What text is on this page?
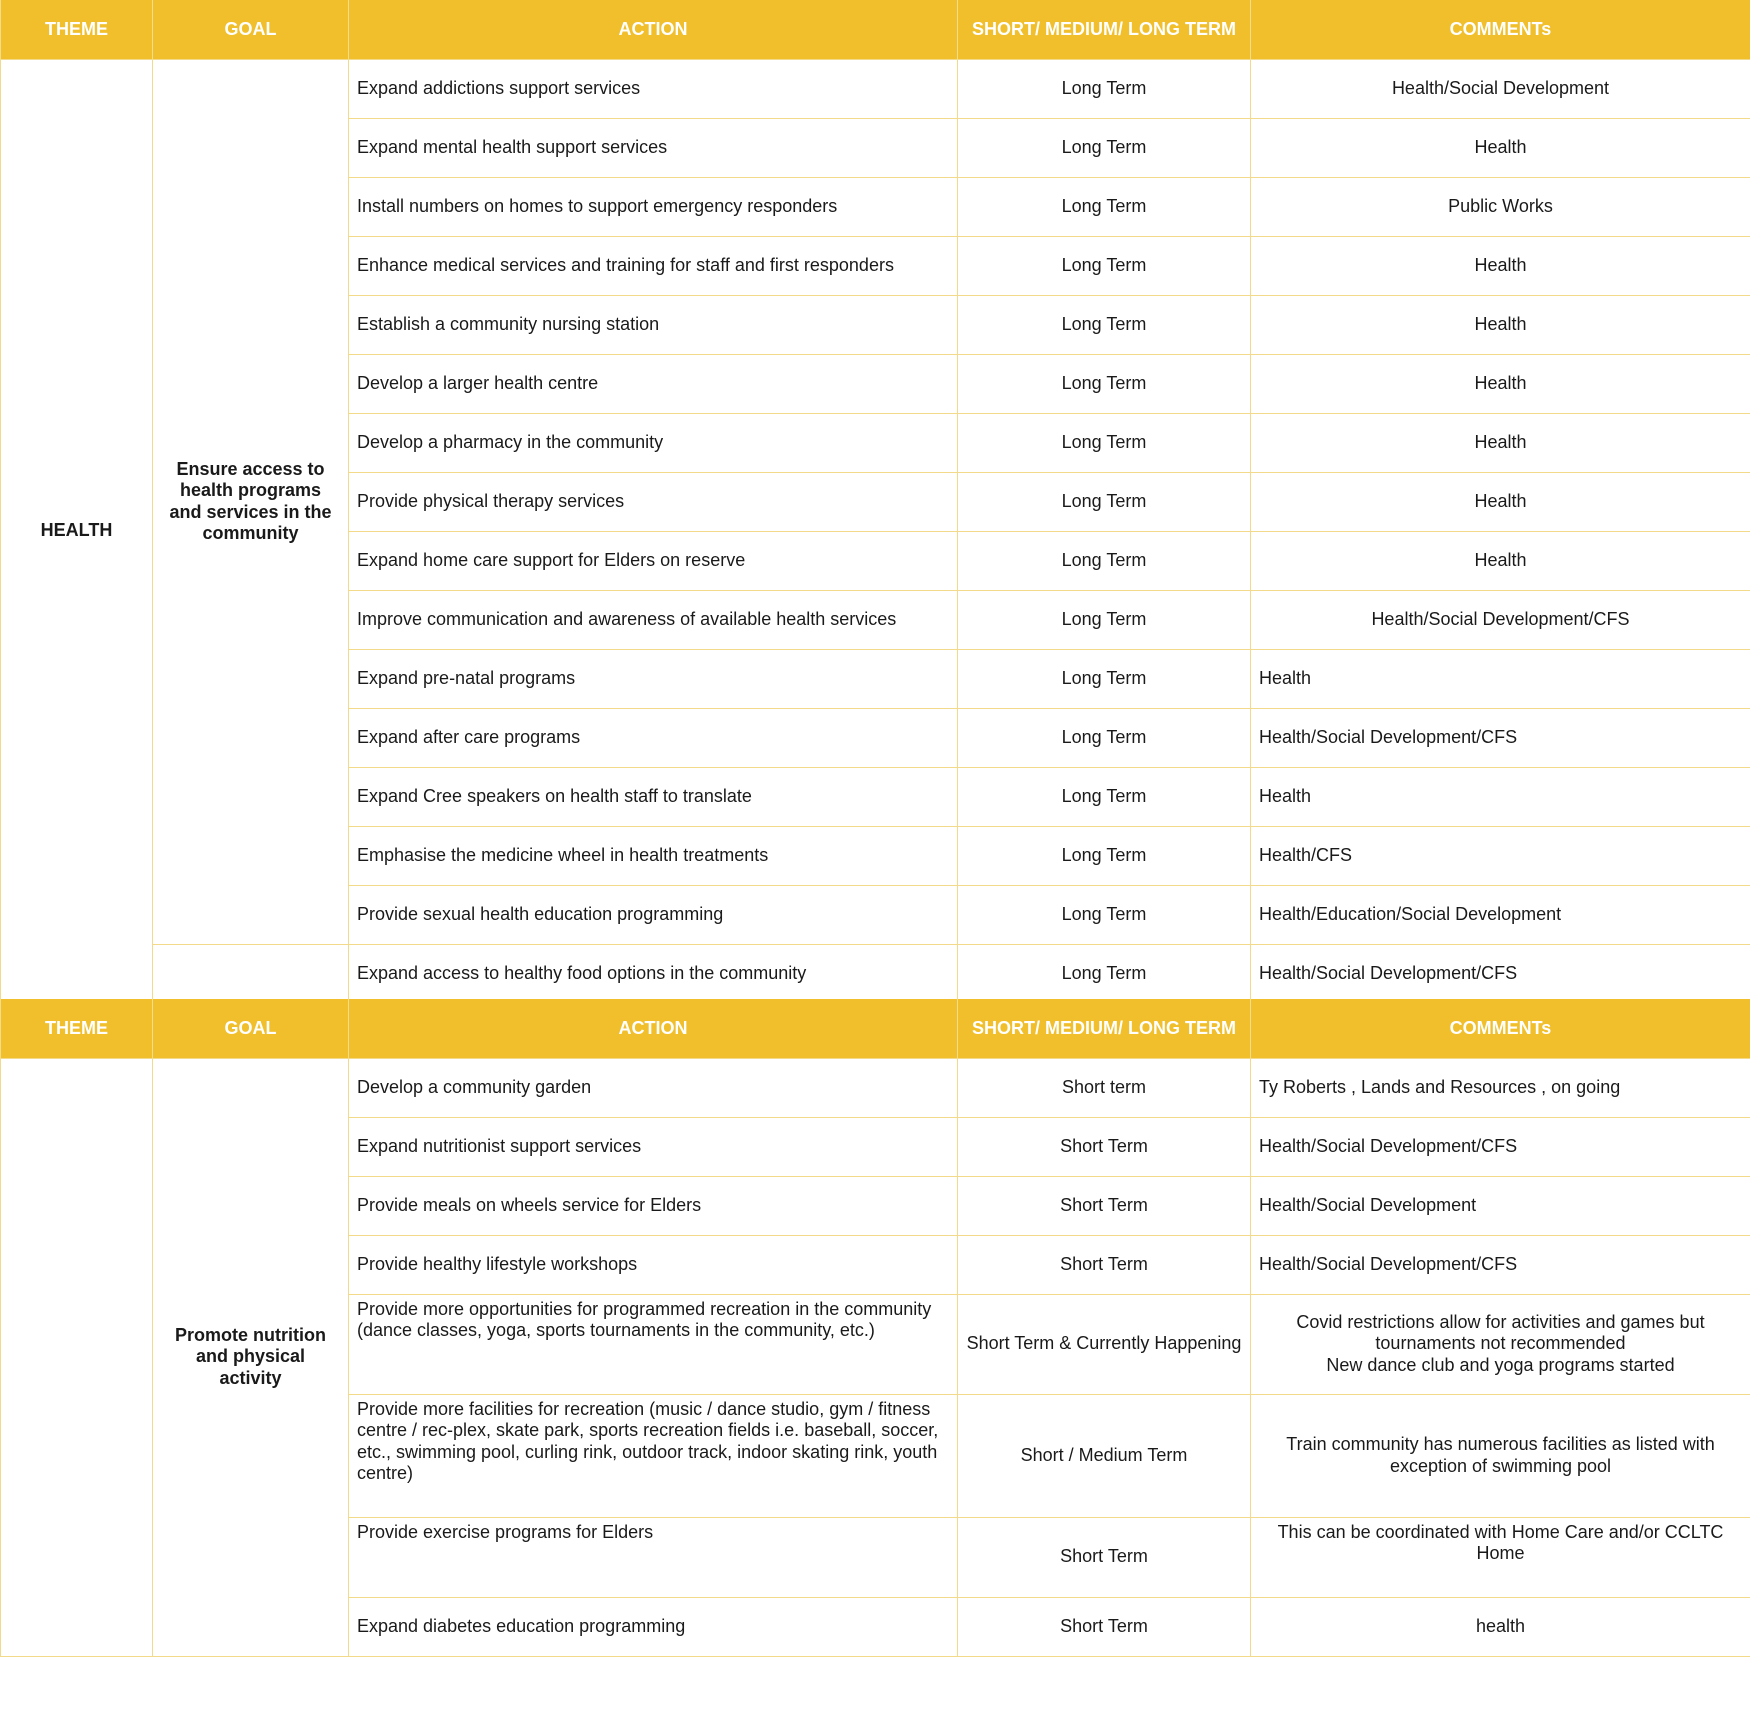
THEME	GOAL	ACTION	SHORT/ MEDIUM/ LONG TERM	COMMENTs
HEALTH	Ensure access to health programs and services in the community	Expand addictions support services	Long Term	Health/Social Development
		Expand mental health support services	Long Term	Health
		Install numbers on homes to support emergency responders	Long Term	Public Works
		Enhance medical services and training for staff and first responders	Long Term	Health
		Establish a community nursing station	Long Term	Health
		Develop a larger health centre	Long Term	Health
		Develop a pharmacy in the community	Long Term	Health
		Provide physical therapy services	Long Term	Health
		Expand home care support for Elders on reserve	Long Term	Health
		Improve communication and awareness of available health services	Long Term	Health/Social Development/CFS
		Expand pre-natal programs	Long Term	Health
		Expand after care programs	Long Term	Health/Social Development/CFS
		Expand Cree speakers on health staff to translate	Long Term	Health
		Emphasise the medicine wheel in health treatments	Long Term	Health/CFS
		Provide sexual health education programming	Long Term	Health/Education/Social Development
		Expand access to healthy food options in the community	Long Term	Health/Social Development/CFS
THEME	GOAL	ACTION	SHORT/ MEDIUM/ LONG TERM	COMMENTs
	Promote nutrition and physical activity	Develop a community garden	Short term	Ty Roberts , Lands and Resources , on going
		Expand nutritionist support services	Short Term	Health/Social Development/CFS
		Provide meals on wheels service for Elders	Short Term	Health/Social Development
		Provide healthy lifestyle workshops	Short Term	Health/Social Development/CFS
		Provide more opportunities for programmed recreation in the community (dance classes, yoga, sports tournaments in the community, etc.)	Short Term & Currently Happening	Covid restrictions allow for activities and games but tournaments not recommended
New dance club and yoga programs started
		Provide more facilities for recreation (music / dance studio, gym / fitness centre / rec-plex, skate park, sports recreation fields i.e. baseball, soccer, etc., swimming pool, curling rink, outdoor track, indoor skating rink, youth centre)	Short / Medium Term	Train community has numerous facilities as listed with exception of swimming pool
		Provide exercise programs for Elders	Short Term	This can be coordinated with Home Care and/or CCLTC Home
		Expand diabetes education programming	Short Term	health
